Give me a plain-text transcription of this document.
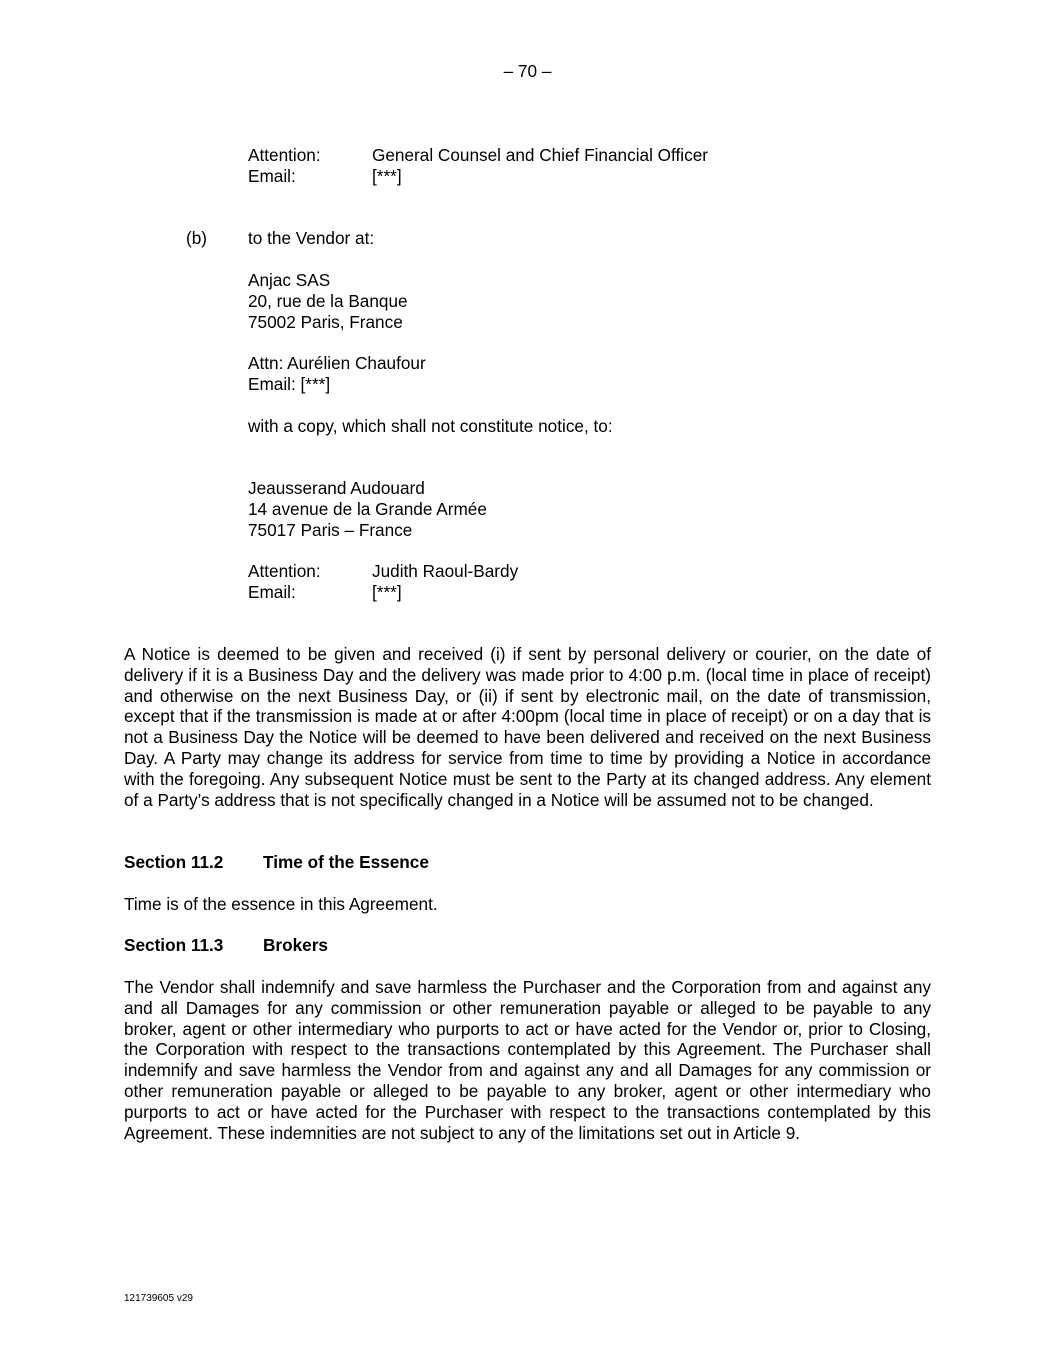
– 70 –
Attention:	General Counsel and Chief Financial Officer
Email:	[***]
(b) to the Vendor at:
Anjac SAS
20, rue de la Banque
75002 Paris, France
Attn: Aurélien Chaufour
Email: [***]
with a copy, which shall not constitute notice, to:
Jeausserand Audouard
14 avenue de la Grande Armée
75017 Paris – France
Attention:	Judith Raoul-Bardy
Email:	[***]
A Notice is deemed to be given and received (i) if sent by personal delivery or courier, on the date of delivery if it is a Business Day and the delivery was made prior to 4:00 p.m. (local time in place of receipt) and otherwise on the next Business Day, or (ii) if sent by electronic mail, on the date of transmission, except that if the transmission is made at or after 4:00pm (local time in place of receipt) or on a day that is not a Business Day the Notice will be deemed to have been delivered and received on the next Business Day. A Party may change its address for service from time to time by providing a Notice in accordance with the foregoing. Any subsequent Notice must be sent to the Party at its changed address. Any element of a Party’s address that is not specifically changed in a Notice will be assumed not to be changed.
Section 11.2 Time of the Essence
Time is of the essence in this Agreement.
Section 11.3 Brokers
The Vendor shall indemnify and save harmless the Purchaser and the Corporation from and against any and all Damages for any commission or other remuneration payable or alleged to be payable to any broker, agent or other intermediary who purports to act or have acted for the Vendor or, prior to Closing, the Corporation with respect to the transactions contemplated by this Agreement. The Purchaser shall indemnify and save harmless the Vendor from and against any and all Damages for any commission or other remuneration payable or alleged to be payable to any broker, agent or other intermediary who purports to act or have acted for the Purchaser with respect to the transactions contemplated by this Agreement. These indemnities are not subject to any of the limitations set out in Article 9.
121739605 v29
